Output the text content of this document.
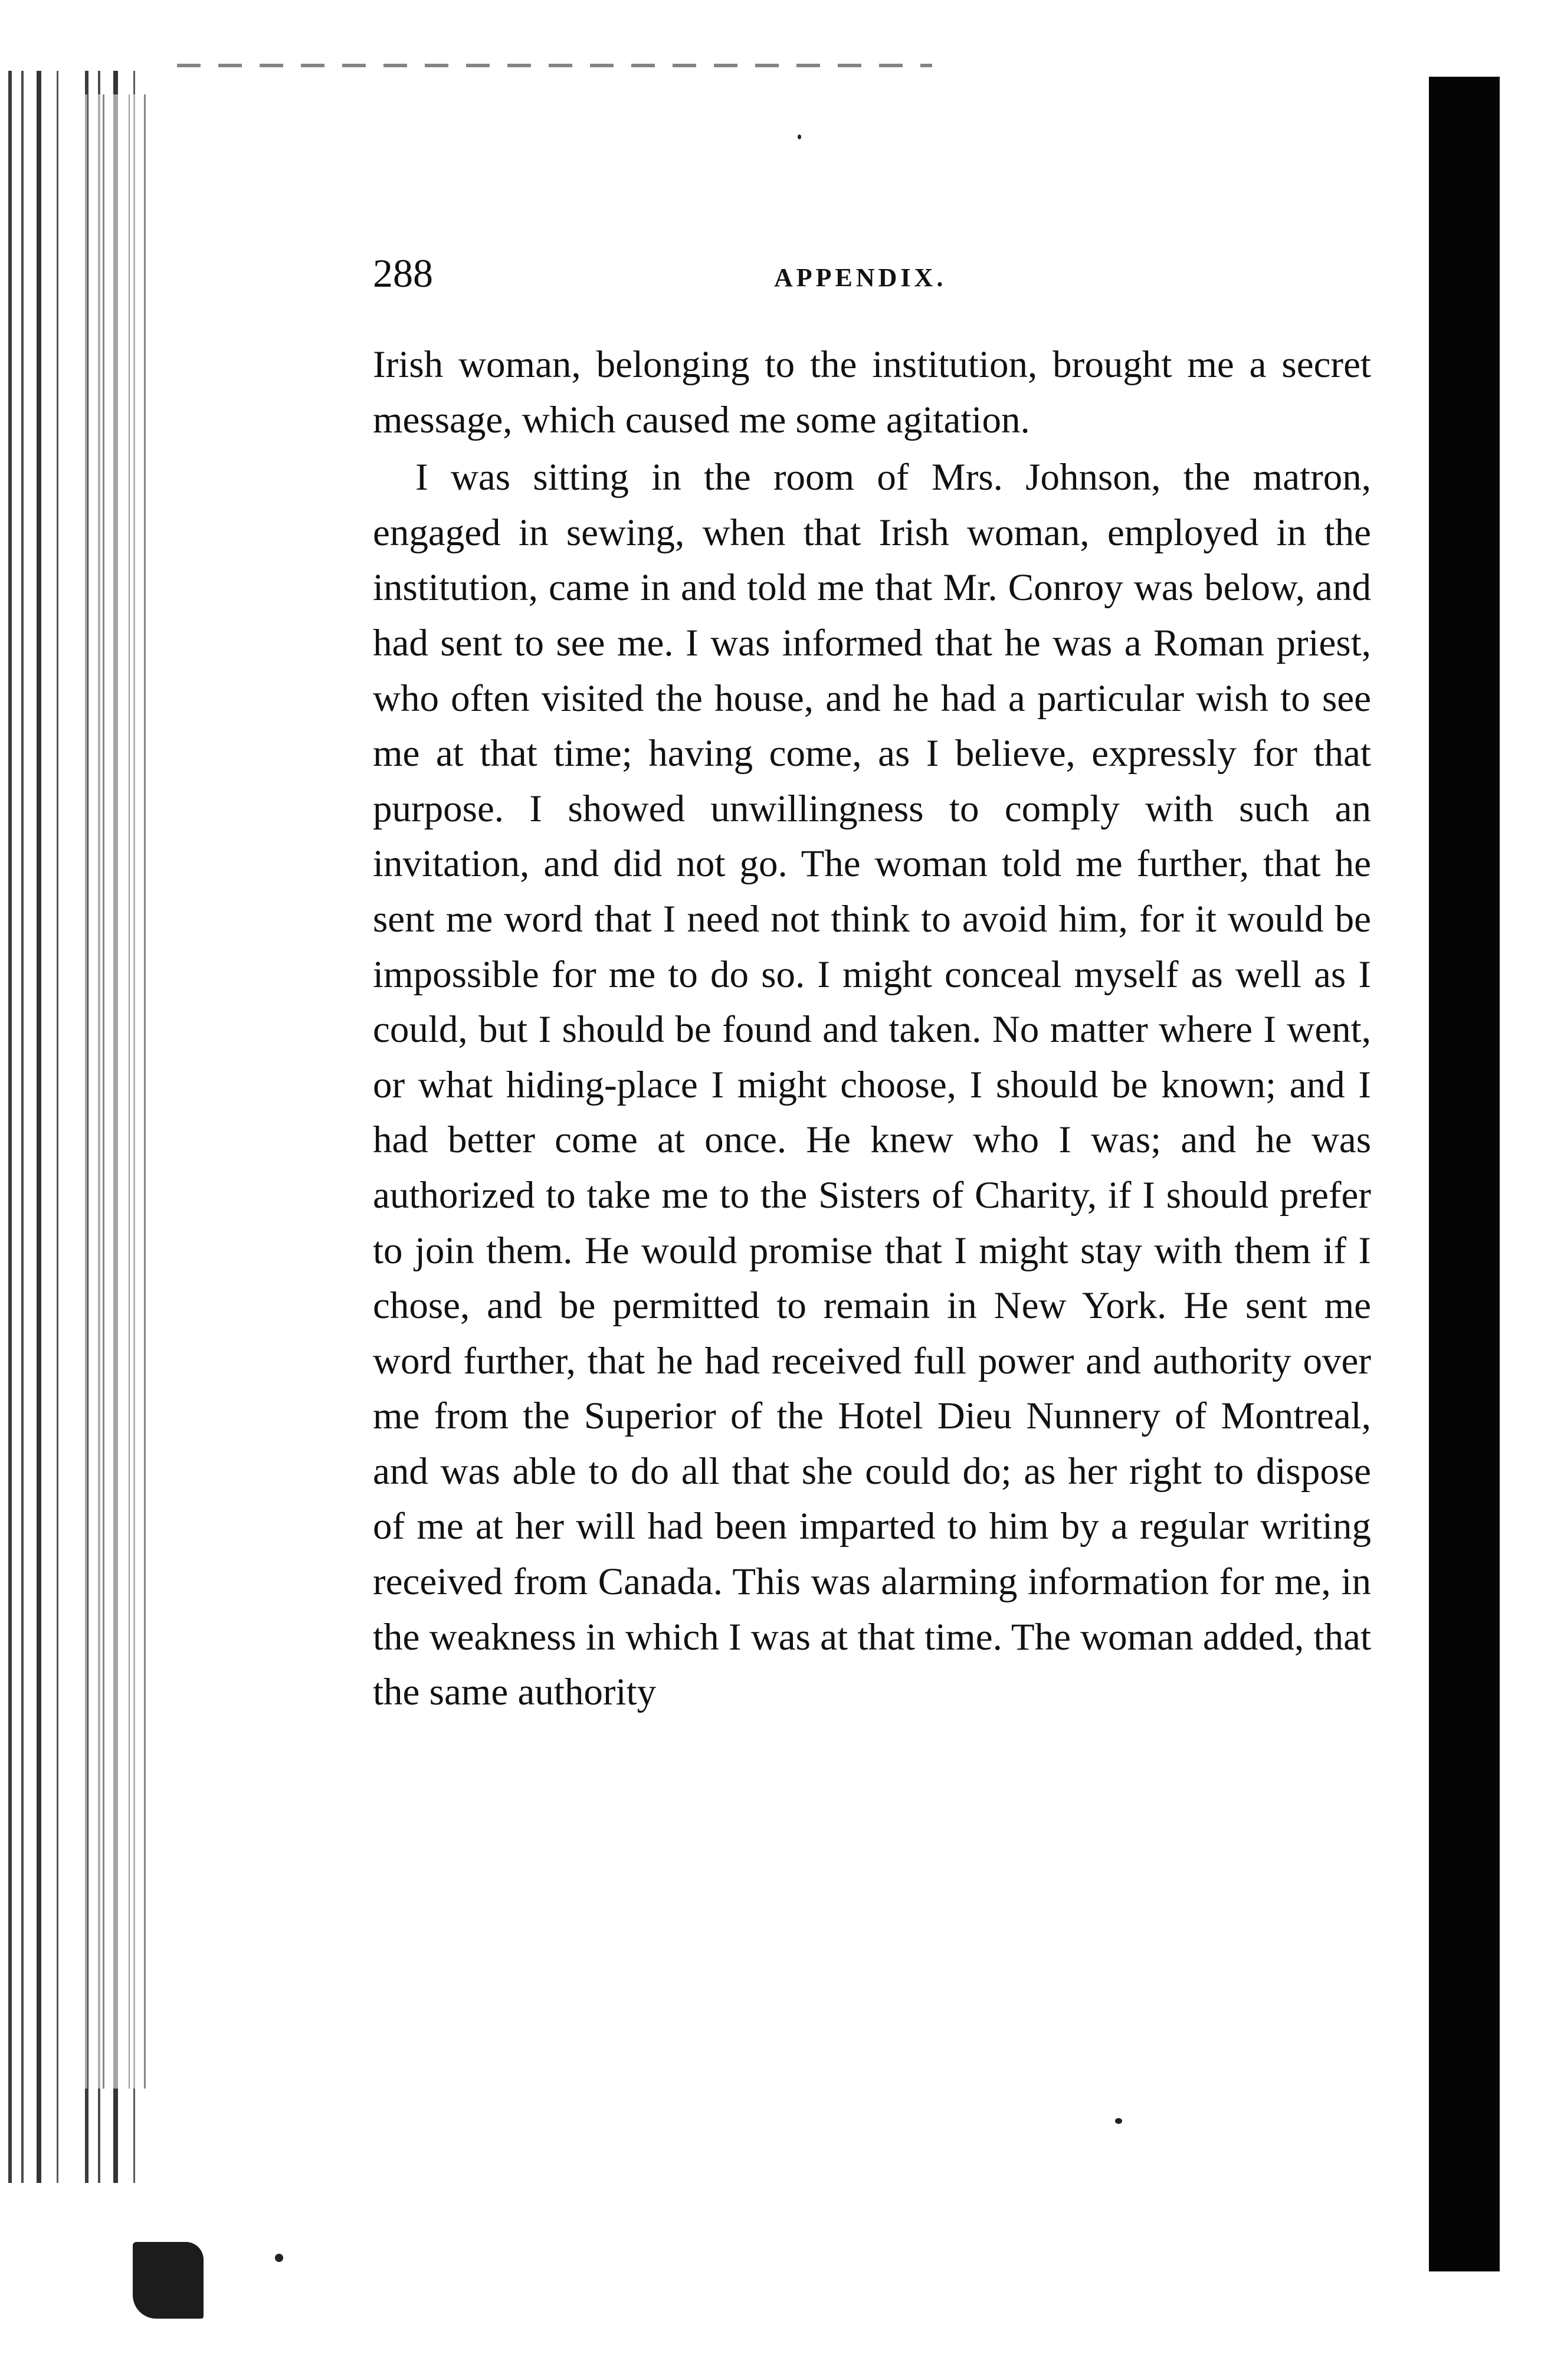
288	APPENDIX.

Irish woman, belonging to the institution, brought me a secret message, which caused me some agitation.

I was sitting in the room of Mrs. Johnson, the matron, engaged in sewing, when that Irish woman, employed in the institution, came in and told me that Mr. Conroy was below, and had sent to see me. I was informed that he was a Roman priest, who often visited the house, and he had a particular wish to see me at that time; having come, as I believe, expressly for that purpose. I showed unwillingness to comply with such an invitation, and did not go. The woman told me further, that he sent me word that I need not think to avoid him, for it would be impossible for me to do so. I might conceal myself as well as I could, but I should be found and taken. No matter where I went, or what hiding-place I might choose, I should be known; and I had better come at once. He knew who I was; and he was authorized to take me to the Sisters of Charity, if I should prefer to join them. He would promise that I might stay with them if I chose, and be permitted to remain in New York. He sent me word further, that he had received full power and authority over me from the Superior of the Hotel Dieu Nunnery of Montreal, and was able to do all that she could do; as her right to dispose of me at her will had been imparted to him by a regular writing received from Canada. This was alarming information for me, in the weakness in which I was at that time. The woman added, that the same authority
